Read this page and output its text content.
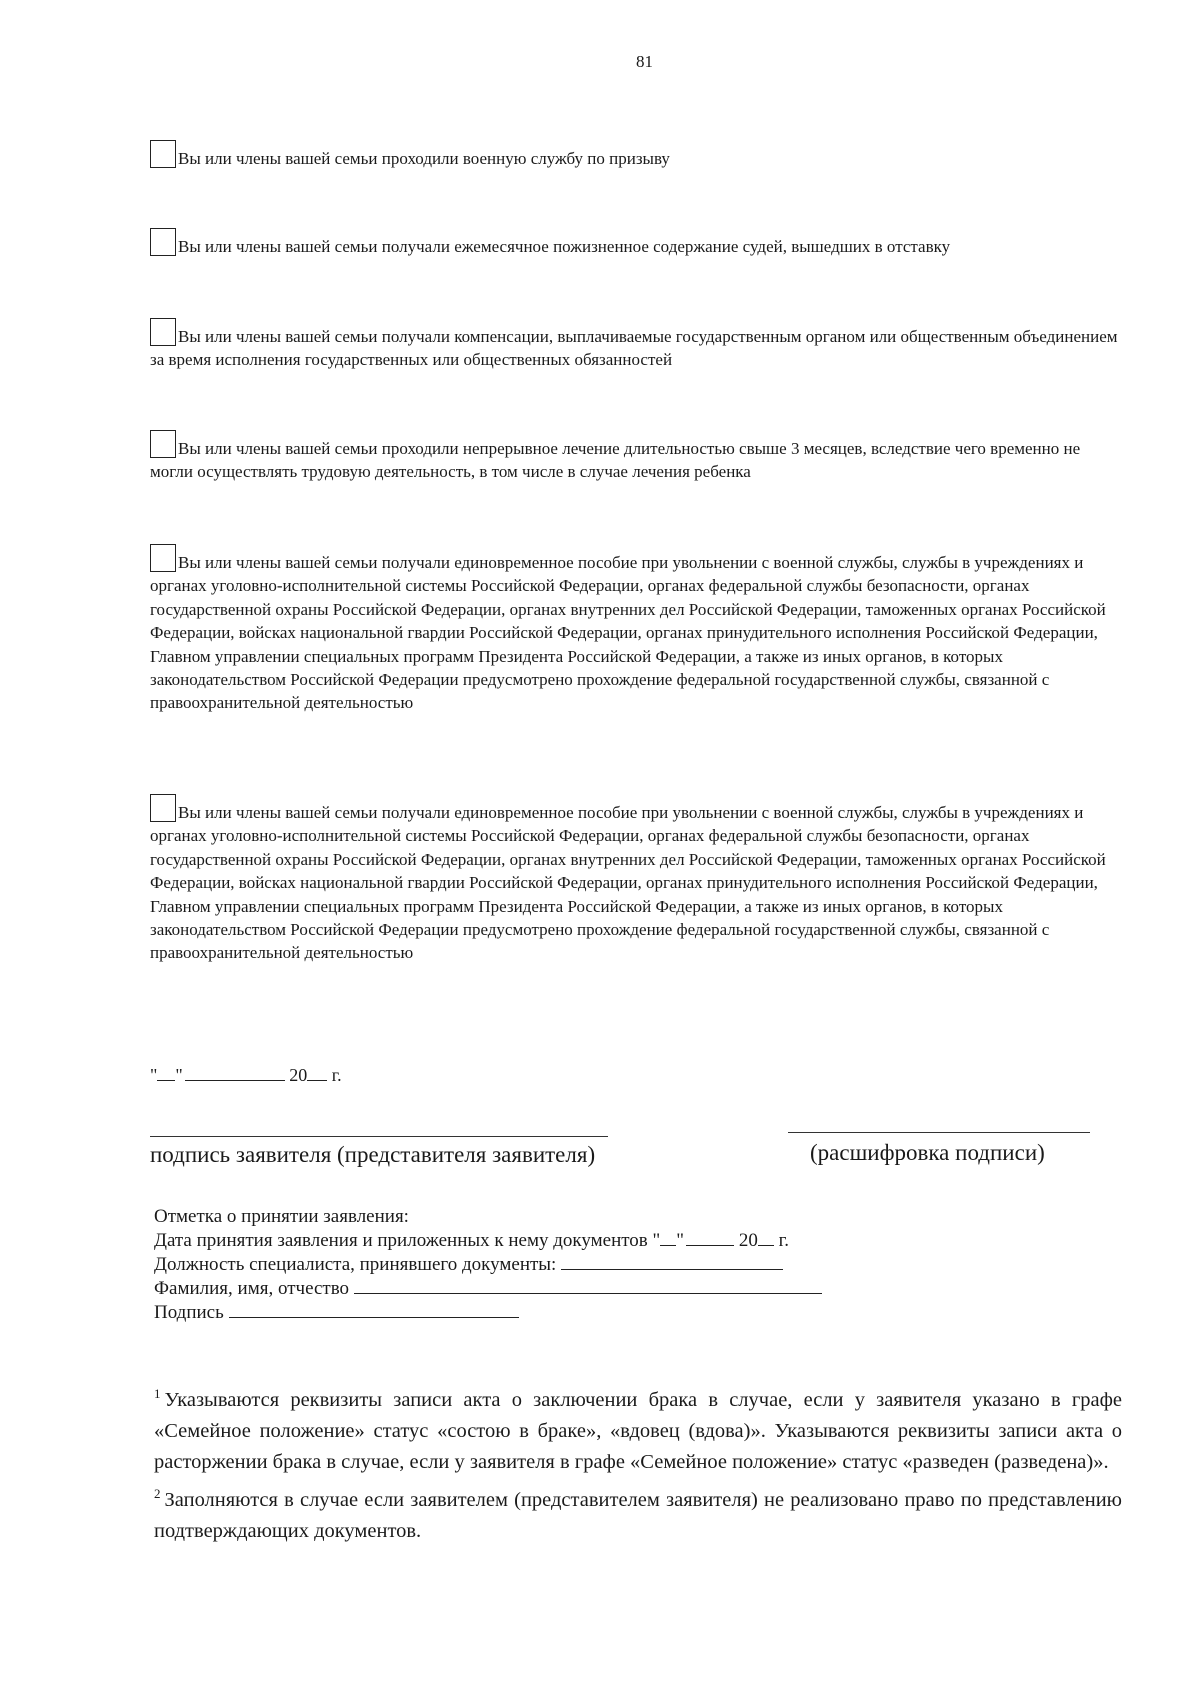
81
Вы или члены вашей семьи проходили военную службу по призыву
Вы или члены вашей семьи получали ежемесячное пожизненное содержание судей, вышедших в отставку
Вы или члены вашей семьи получали компенсации, выплачиваемые государственным органом или общественным объединением за время исполнения государственных или общественных обязанностей
Вы или члены вашей семьи проходили непрерывное лечение длительностью свыше 3 месяцев, вследствие чего временно не могли осуществлять трудовую деятельность, в том числе в случае лечения ребенка
Вы или члены вашей семьи получали единовременное пособие при увольнении с военной службы, службы в учреждениях и органах уголовно-исполнительной системы Российской Федерации, органах федеральной службы безопасности, органах государственной охраны Российской Федерации, органах внутренних дел Российской Федерации, таможенных органах Российской Федерации, войсках национальной гвардии Российской Федерации, органах принудительного исполнения Российской Федерации, Главном управлении специальных программ Президента Российской Федерации, а также из иных органов, в которых законодательством Российской Федерации предусмотрено прохождение федеральной государственной службы, связанной с правоохранительной деятельностью
Вы или члены вашей семьи получали единовременное пособие при увольнении с военной службы, службы в учреждениях и органах уголовно-исполнительной системы Российской Федерации, органах федеральной службы безопасности, органах государственной охраны Российской Федерации, органах внутренних дел Российской Федерации, таможенных органах Российской Федерации, войсках национальной гвардии Российской Федерации, органах принудительного исполнения Российской Федерации, Главном управлении специальных программ Президента Российской Федерации, а также из иных органов, в которых законодательством Российской Федерации предусмотрено прохождение федеральной государственной службы, связанной с правоохранительной деятельностью
" "	20 г.
подпись заявителя (представителя заявителя)	(расшифровка подписи)
Отметка о принятии заявления:
Дата принятия заявления и приложенных к нему документов " "	20 г.
Должность специалиста, принявшего документы:
Фамилия, имя, отчество
Подпись

$^1$ Указываются реквизиты записи акта о заключении брака в случае, если у заявителя указано в графе «Семейное положение» статус «состою в браке», «вдовец (вдова)». Указываются реквизиты записи акта о расторжении брака в случае, если у заявителя в графе «Семейное положение» статус «разведен (разведена)».

$^2$ Заполняются в случае если заявителем (представителем заявителя) не реализовано право по представлению подтверждающих документов.
